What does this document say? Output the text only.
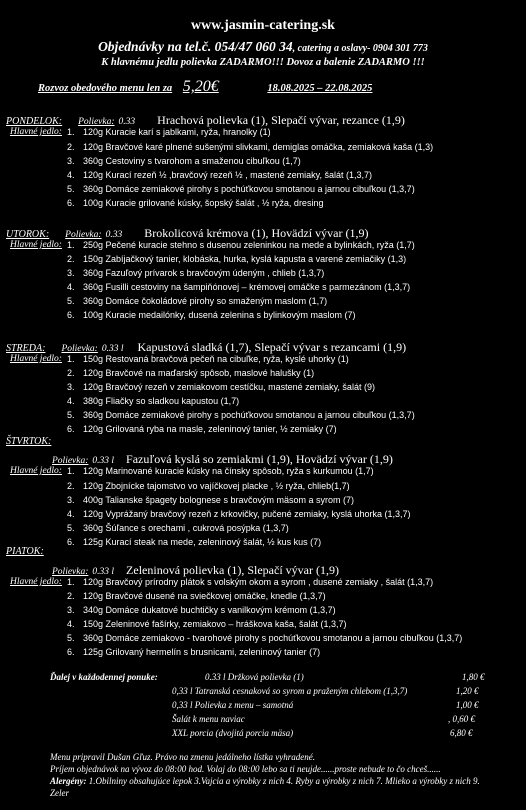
www.jasmin-catering.sk
Objednávky na tel.č. 054/47 060 34, catering a oslavy- 0904 301 773
K hlavnému jedlu polievka ZADARMO!!! Dovoz a balenie ZADARMO !!!
Rozvoz obedového menu len za 5,20€	18.08.2025 – 22.08.2025
PONDELOK: Polievka: 0.33 Hrachová polievka (1), Slepačí vývar, rezance (1,9)
Hlavné jedlo: 1. 120g Kuracie karí s jablkami, ryža, hranolky (1)
2. 120g Bravčové karé plnené sušenými slivkami, demiglas omáčka, zemiaková kaša (1,3)
3. 360g Cestoviny s tvarohom a smaženou cibuľkou (1,7)
4. 120g Kurací rezeň ½ ,bravčový rezeň ½ , mastené zemiaky, šalát (1,3,7)
5. 360g Domáce zemiakové pirohy s pochúťkovou smotanou a jarnou cibuľkou (1,3,7)
6. 100g Kuracie grilované kúsky, šopský šalát , ½ ryža, dresing
UTOROK: Polievka: 0.33 Brokolicová krémova (1), Hovädzí vývar (1,9)
Hlavné jedlo: 1. 250g Pečené kuracie stehno s dusenou zeleninkou na mede a bylinkách, ryža (1,7)
2. 150g Zabíjačkový tanier, klobáska, hurka, kyslá kapusta a varené zemiačiky (1,3)
3. 360g Fazuľový prívarok s bravčovým údeným , chlieb (1,3,7)
4. 360g Fusilli cestoviny na šampiňónovej – krémovej omáčke s parmezánom (1,3,7)
5. 360g Domáce čokoládové pirohy so smaženým maslom (1,7)
6. 100g Kuracie medailónky, dusená zelenina s bylinkovým maslom (7)
STREDA: Polievka: 0.33 l Kapustová sladká (1,7), Slepačí vývar s rezancami (1,9)
Hlavné jedlo: 1. 150g Restovaná bravčová pečeň na cibuľke, ryža, kyslé uhorky (1)
2. 120g Bravčové na maďarský spôsob, maslové halušky (1)
3. 120g Bravčový rezeň v zemiakovom cestíčku, mastené zemiaky, šalát (9)
4. 380g Fliačky so sladkou kapustou (1,7)
5. 360g Domáce zemiakové pirohy s pochúťkovou smotanou a jarnou cibuľkou (1,3,7)
6. 120g Grilovaná ryba na masle, zeleninový tanier, ½ zemiaky (7)
ŠTVRTOK:
Polievka: 0.33 l Fazuľová kyslá so zemiakmi (1,9), Hovädzí vývar (1,9)
Hlavné jedlo: 1. 120g Marinované kuracie kúsky na čínsky spôsob, ryža s kurkumou (1,7)
2. 120g Zbojnícke tajomstvo vo vajíčkovej placke , ½ ryža, chlieb(1,7)
3. 400g Talianske špagety bolognese s bravčovým mäsom a syrom (7)
4. 120g Vyprážaný bravčový rezeň z krkovičky, pučené zemiaky, kyslá uhorka (1,3,7)
5. 360g Šúľance s orechami , cukrová posýpka (1,3,7)
6. 125g Kurací steak na mede, zeleninový šalát, ½ kus kus (7)
PIATOK:
Polievka: 0.33 l Zeleninová polievka (1), Slepačí vývar (1,9)
Hlavné jedlo: 1. 120g Bravčový prírodny plátok s volským okom a syrom , dusené zemiaky , šalát (1,3,7)
2. 120g Bravčové dusené na sviečkovej omáčke, knedle (1,3,7)
3. 340g Domáce dukatové buchtičky s vanilkovým krémom (1,3,7)
4. 150g Zeleninové fašírky, zemiakovo – hráškova kaša, šalát (1,3,7)
5. 360g Domáce zemiakovo - tvarohové pirohy s pochúťkovou smotanou a jarnou cibuľkou (1,3,7)
6. 125g Grilovaný hermelín s brusnicami, zeleninový tanier (7)
Ďalej v každodennej ponuke:	0.33 l Držková polievka (1)	1,80 €
0,33 l Tatranská cesnaková so syrom a praženým chlebom (1,3,7)	1,20 €
0,33 l Polievka z menu – samotná	1,00 €
Šalát k menu naviac	, 0,60 €
XXL porcia (dvojitá porcia mäsa)	6,80 €
Menu pripravil Dušan Gľuz. Právo na zmenu jedálneho lístka vyhradené.
Príjem objednávok na vývoz do 08:00 hod. Volaj do 08:00 lebo sa ti neujde......proste nebude to čo chceš......
Alergény: 1.Obilniny obsahujúce lepok 3.Vajcia a výrobky z nich 4. Ryby a výrobky z nich 7. Mlieko a výrobky z nich 9.
Zeler
